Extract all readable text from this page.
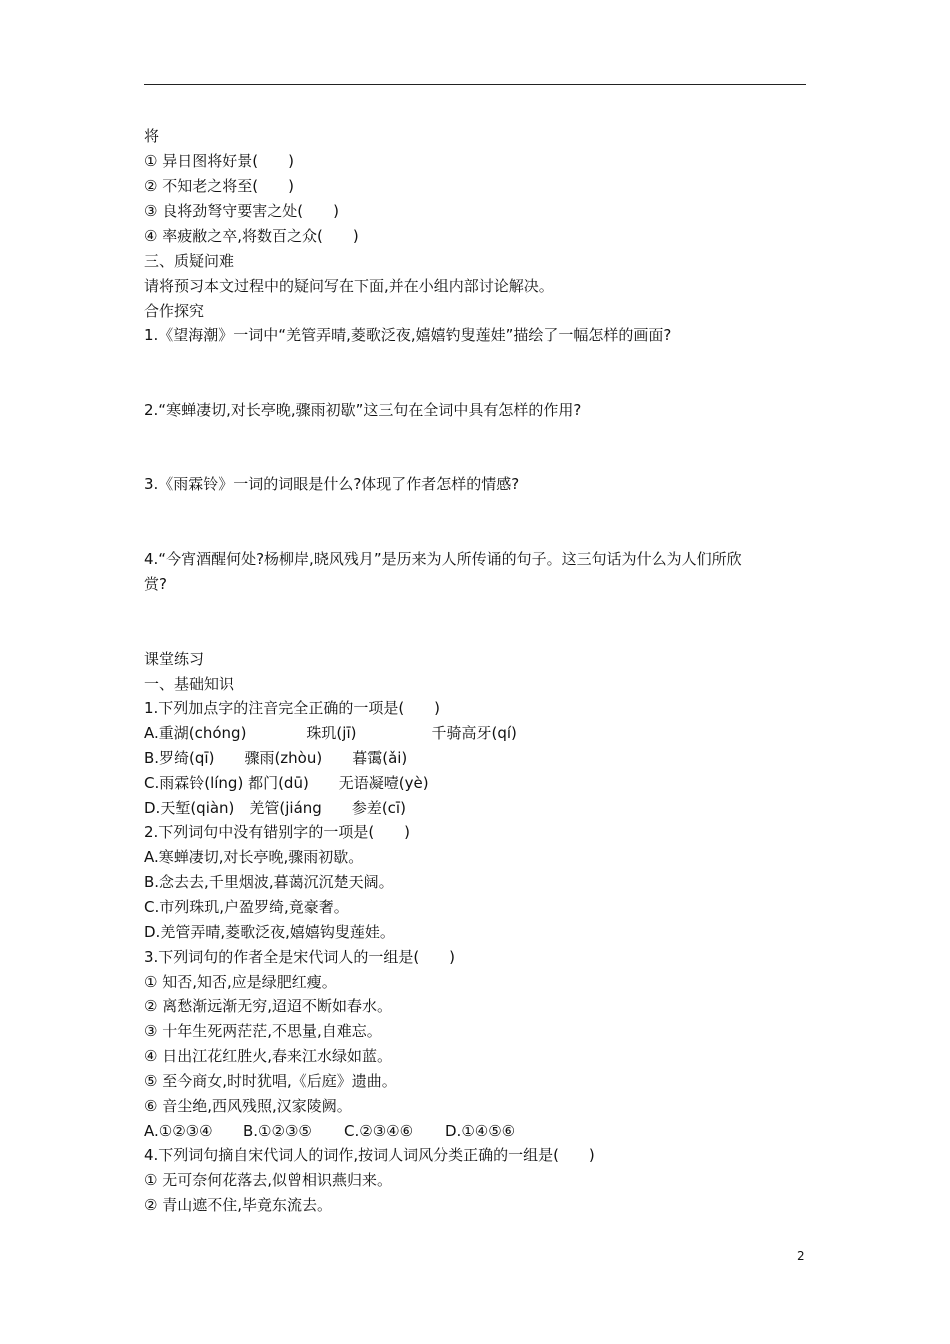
将
① 异日图将好景(　　)
② 不知老之将至(　　)
③ 良将劲弩守要害之处(　　)
④ 率疲敝之卒,将数百之众(　　)
三、质疑问难
请将预习本文过程中的疑问写在下面,并在小组内部讨论解决。
合作探究
1.《望海潮》一词中“羌管弄晴,菱歌泛夜,嬉嬉钓叟莲娃”描绘了一幅怎样的画面?
2.“寒蝉凄切,对长亭晚,骤雨初歇”这三句在全词中具有怎样的作用?
3.《雨霖铃》一词的词眼是什么?体现了作者怎样的情感?
4.“今宵酒醒何处?杨柳岸,晓风残月”是历来为人所传诵的句子。这三句话为什么为人们所欣
赏?
课堂练习
一、基础知识
1.下列加点字的注音完全正确的一项是(　　)
A.重湖(chóng)　　　　珠玑(jī)　　　　　千骑高牙(qí)
B.罗绮(qī)　　骤雨(zhòu)　　暮霭(ǎi)
C.雨霖铃(líng) 都门(dū)　　无语凝噎(yè)
D.天堑(qiàn)　羌管(jiáng　　参差(cī)
2.下列词句中没有错别字的一项是(　　)
A.寒蝉凄切,对长亭晚,骤雨初歇。
B.念去去,千里烟波,暮蔼沉沉楚天阔。
C.市列珠玑,户盈罗绮,竟豪奢。
D.羌管弄晴,菱歌泛夜,嬉嬉钩叟莲娃。
3.下列词句的作者全是宋代词人的一组是(　　)
① 知否,知否,应是绿肥红瘦。
② 离愁渐远渐无穷,迢迢不断如春水。
③ 十年生死两茫茫,不思量,自难忘。
④ 日出江花红胜火,春来江水绿如蓝。
⑤ 至今商女,时时犹唱,《后庭》遗曲。
⑥ 音尘绝,西风残照,汉家陵阙。
A.①②③④	B.①②③⑤	C.②③④⑥	D.①④⑤⑥
4.下列词句摘自宋代词人的词作,按词人词风分类正确的一组是(　　)
① 无可奈何花落去,似曾相识燕归来。
② 青山遮不住,毕竟东流去。
2
